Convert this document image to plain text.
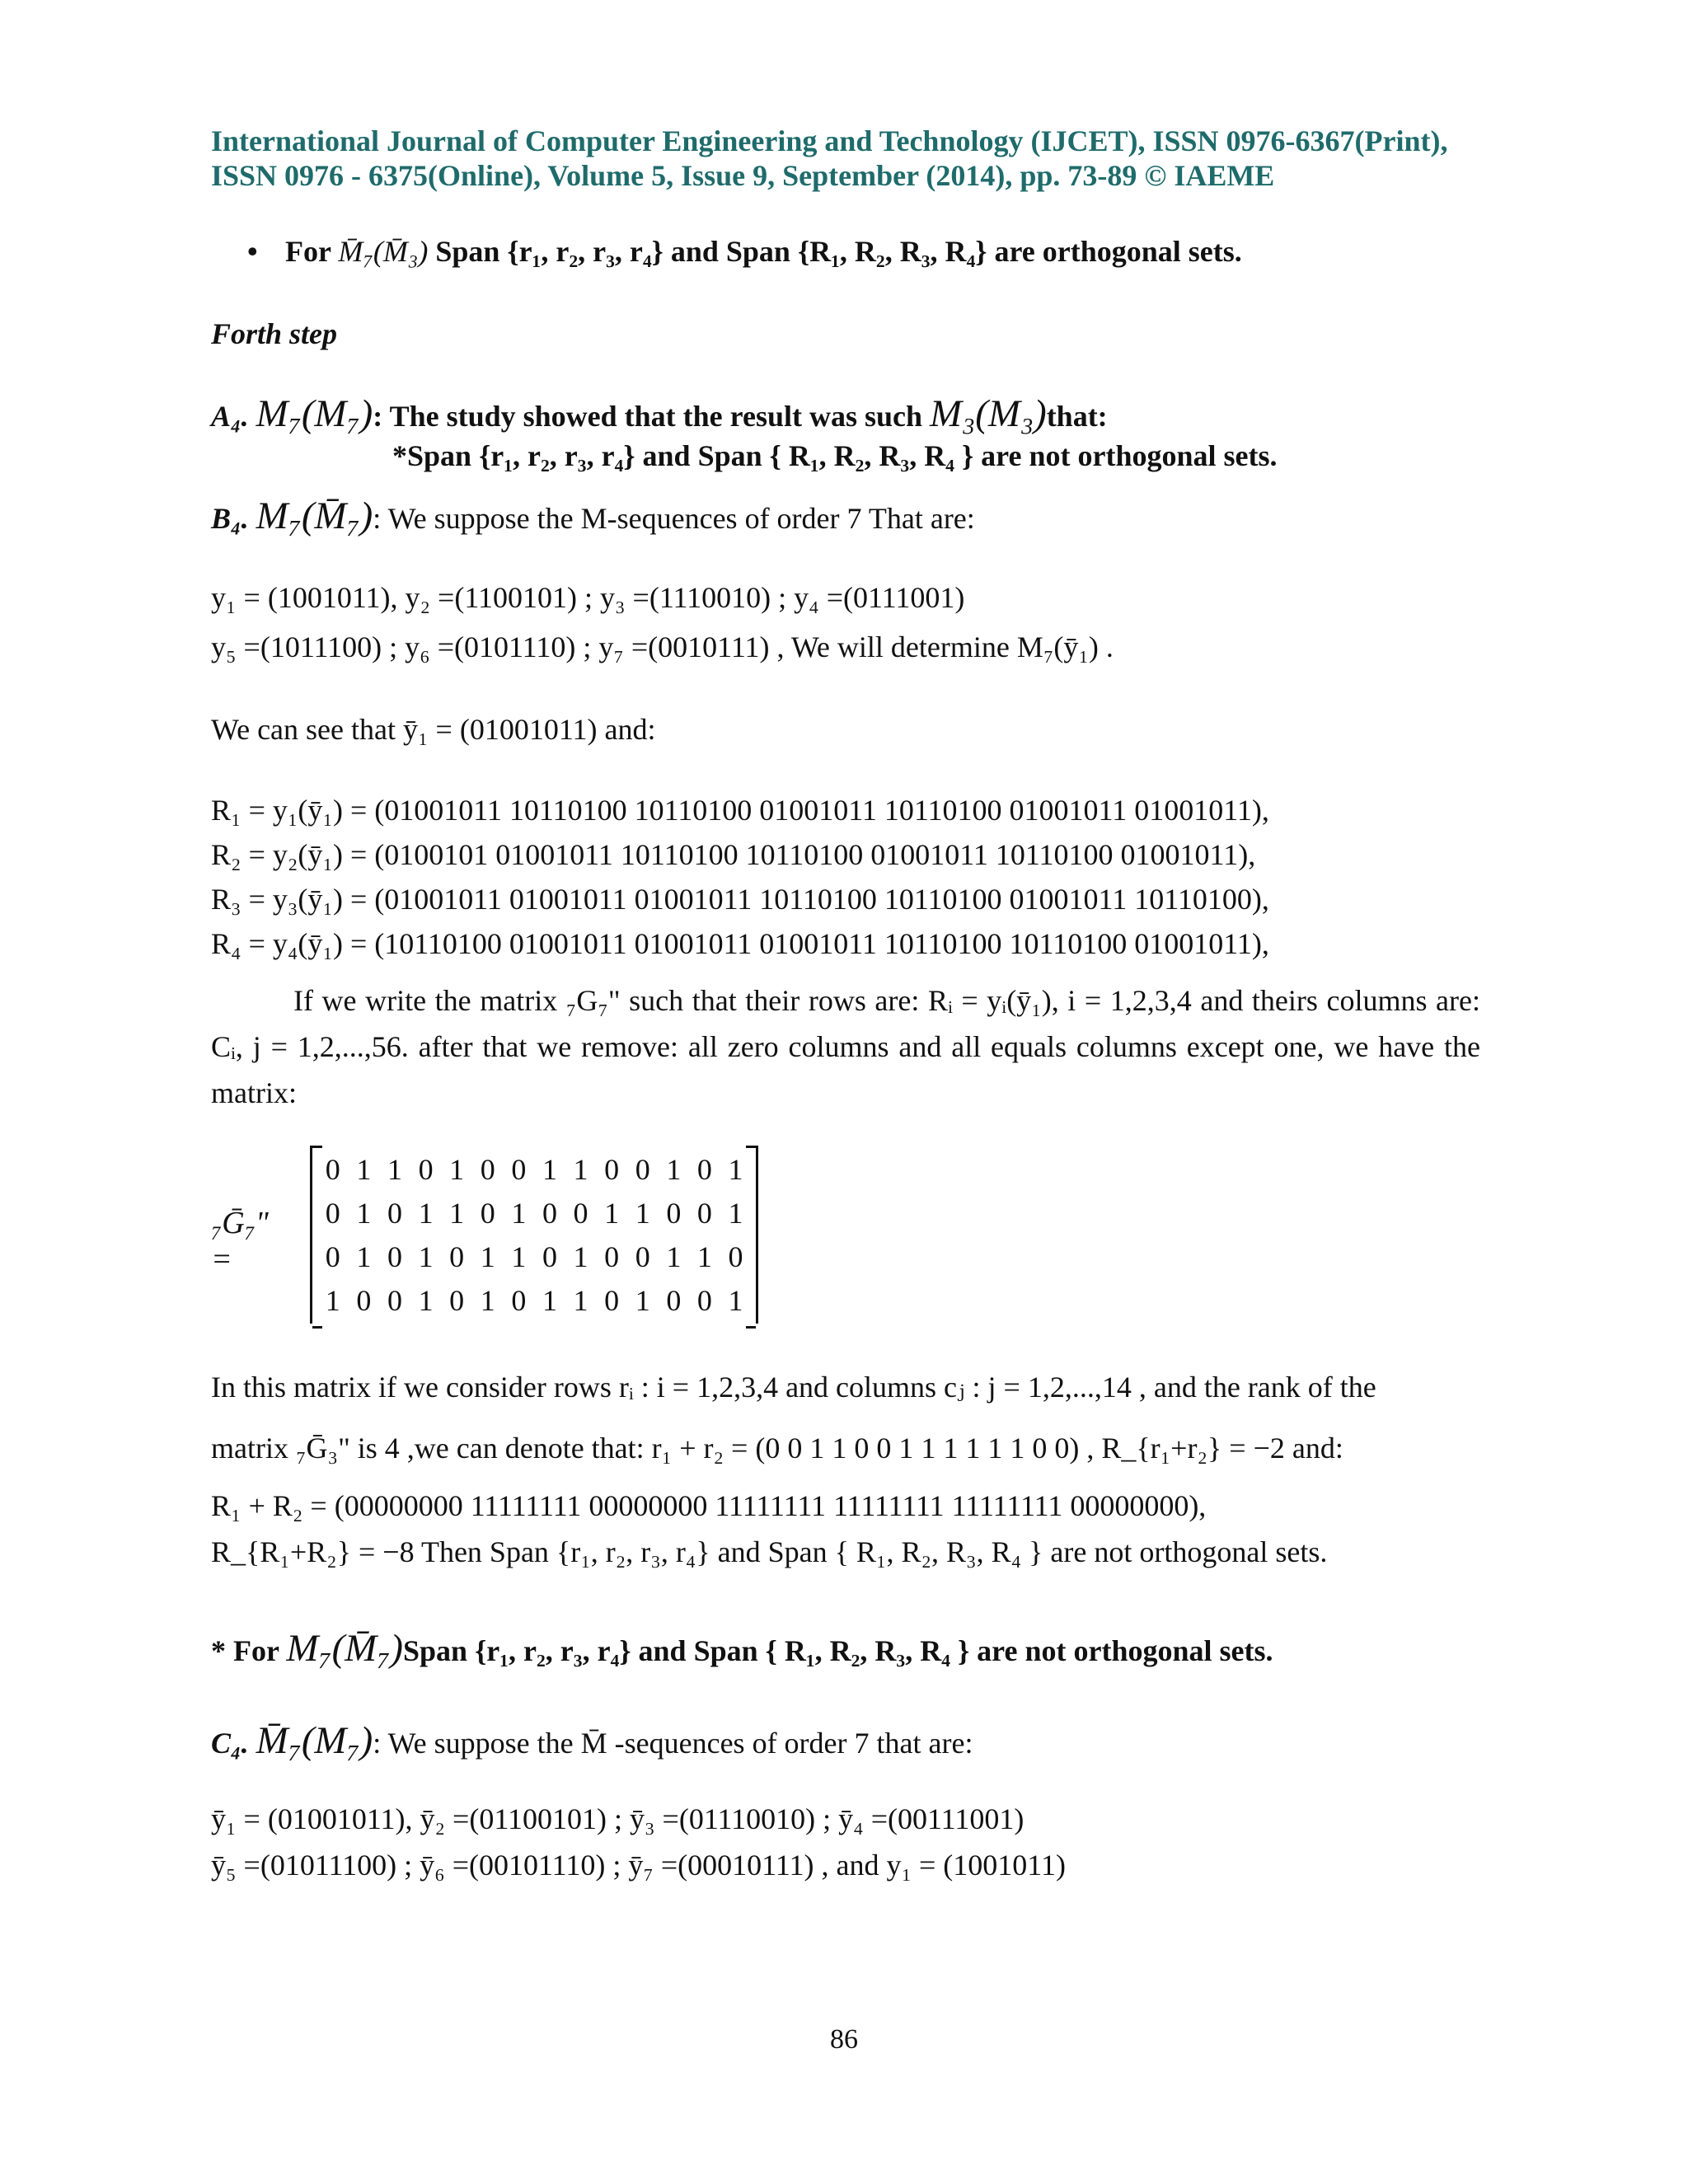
International Journal of Computer Engineering and Technology (IJCET), ISSN 0976-6367(Print),
ISSN 0976 - 6375(Online), Volume 5, Issue 9, September (2014), pp. 73-89 © IAEME
• For M̄₇(M̄₃) Span {r₁, r₂, r₃, r₄} and Span {R₁, R₂, R₃, R₄} are orthogonal sets.
Forth step
A₄. M₇(M₇): The study showed that the result was such M₃(M₃)that:
*Span {r₁, r₂, r₃, r₄} and Span { R₁, R₂, R₃, R₄ } are not orthogonal sets.
B₄. M₇(M̄₇): We suppose the M-sequences of order 7 That are:
y₁ = (1001011), y₂ =(1100101) ; y₃ =(1110010) ; y₄ =(0111001)
y₅ =(1011100) ; y₆ =(0101110) ; y₇ =(0010111) , We will determine M₇(ȳ₁) .
We can see that ȳ₁ = (01001011) and:
R₁ = y₁(ȳ₁) = (01001011 10110100 10110100 01001011 10110100 01001011 01001011),
R₂ = y₂(ȳ₁) = (0100101 01001011 10110100 10110100 01001011 10110100 01001011),
R₃ = y₃(ȳ₁) = (01001011 01001011 01001011 10110100 10110100 01001011 10110100),
R₄ = y₄(ȳ₁) = (10110100 01001011 01001011 01001011 10110100 10110100 01001011),
If we write the matrix ₇G₇" such that their rows are: Rᵢ = yᵢ(ȳ₁), i = 1,2,3,4 and theirs columns are: Cᵢ, j = 1,2,...,56. after that we remove: all zero columns and all equals columns except one, we have the matrix:
₇Ḡ₇" =
0 1 1 0 1 0 0 1 1 0 0 1 0 1
0 1 0 1 1 0 1 0 0 1 1 0 0 1
0 1 0 1 0 1 1 0 1 0 0 1 1 0
1 0 0 1 0 1 0 1 1 0 1 0 0 1
In this matrix if we consider rows rᵢ : i = 1,2,3,4 and columns cⱼ : j = 1,2,...,14 , and the rank of the
matrix ₇Ḡ₃" is 4 ,we can denote that: r₁ + r₂ = (0 0 1 1 0 0 1 1 1 1 1 1 0 0) , R_{r₁+r₂} = −2 and:
R₁ + R₂ = (00000000 11111111 00000000 11111111 11111111 11111111 00000000),
R_{R₁+R₂} = −8 Then Span {r₁, r₂, r₃, r₄} and Span { R₁, R₂, R₃, R₄ } are not orthogonal sets.
* For M₇(M̄₇)Span {r₁, r₂, r₃, r₄} and Span { R₁, R₂, R₃, R₄ } are not orthogonal sets.
C₄. M̄₇(M₇): We suppose the M̄ -sequences of order 7 that are:
ȳ₁ = (01001011), ȳ₂ =(01100101) ; ȳ₃ =(01110010) ; ȳ₄ =(00111001)
ȳ₅ =(01011100) ; ȳ₆ =(00101110) ; ȳ₇ =(00010111) , and y₁ = (1001011)
86
